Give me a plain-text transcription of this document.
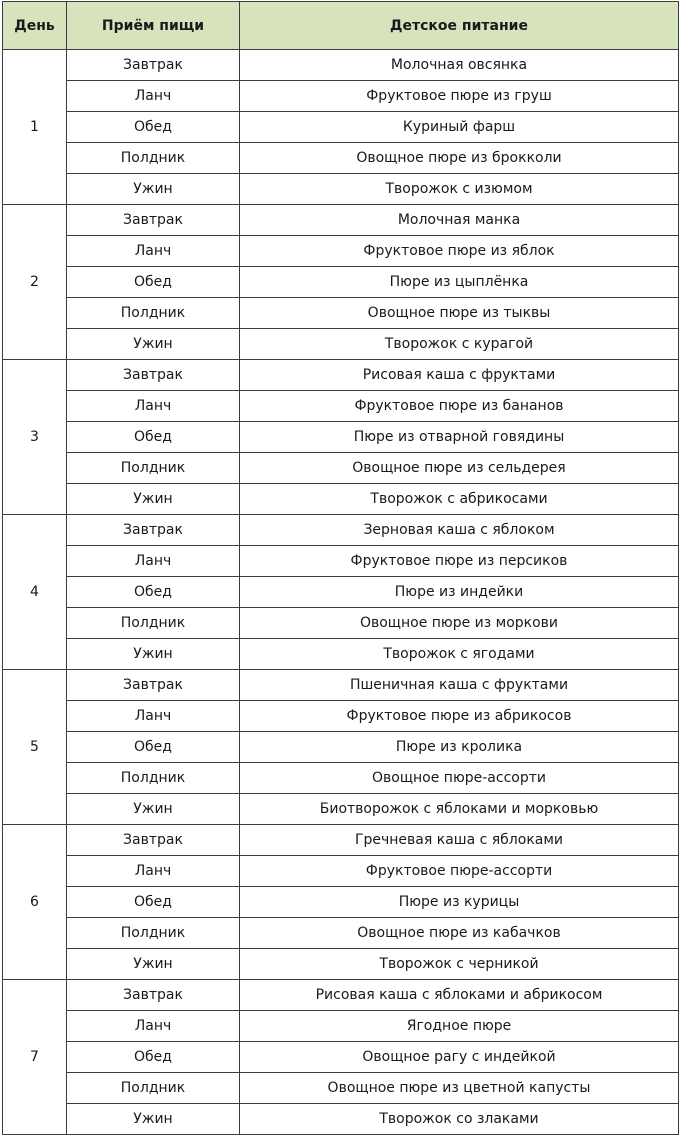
День	Приём пищи	Детское питание
1	Завтрак	Молочная овсянка
	Ланч	Фруктовое пюре из груш
	Обед	Куриный фарш
	Полдник	Овощное пюре из брокколи
	Ужин	Творожок с изюмом
2	Завтрак	Молочная манка
	Ланч	Фруктовое пюре из яблок
	Обед	Пюре из цыплёнка
	Полдник	Овощное пюре из тыквы
	Ужин	Творожок с курагой
3	Завтрак	Рисовая каша с фруктами
	Ланч	Фруктовое пюре из бананов
	Обед	Пюре из отварной говядины
	Полдник	Овощное пюре из сельдерея
	Ужин	Творожок с абрикосами
4	Завтрак	Зерновая каша с яблоком
	Ланч	Фруктовое пюре из персиков
	Обед	Пюре из индейки
	Полдник	Овощное пюре из моркови
	Ужин	Творожок с ягодами
5	Завтрак	Пшеничная каша с фруктами
	Ланч	Фруктовое пюре из абрикосов
	Обед	Пюре из кролика
	Полдник	Овощное пюре-ассорти
	Ужин	Биотворожок с яблоками и морковью
6	Завтрак	Гречневая каша с яблоками
	Ланч	Фруктовое пюре-ассорти
	Обед	Пюре из курицы
	Полдник	Овощное пюре из кабачков
	Ужин	Творожок с черникой
7	Завтрак	Рисовая каша с яблоками и абрикосом
	Ланч	Ягодное пюре
	Обед	Овощное рагу с индейкой
	Полдник	Овощное пюре из цветной капусты
	Ужин	Творожок со злаками
